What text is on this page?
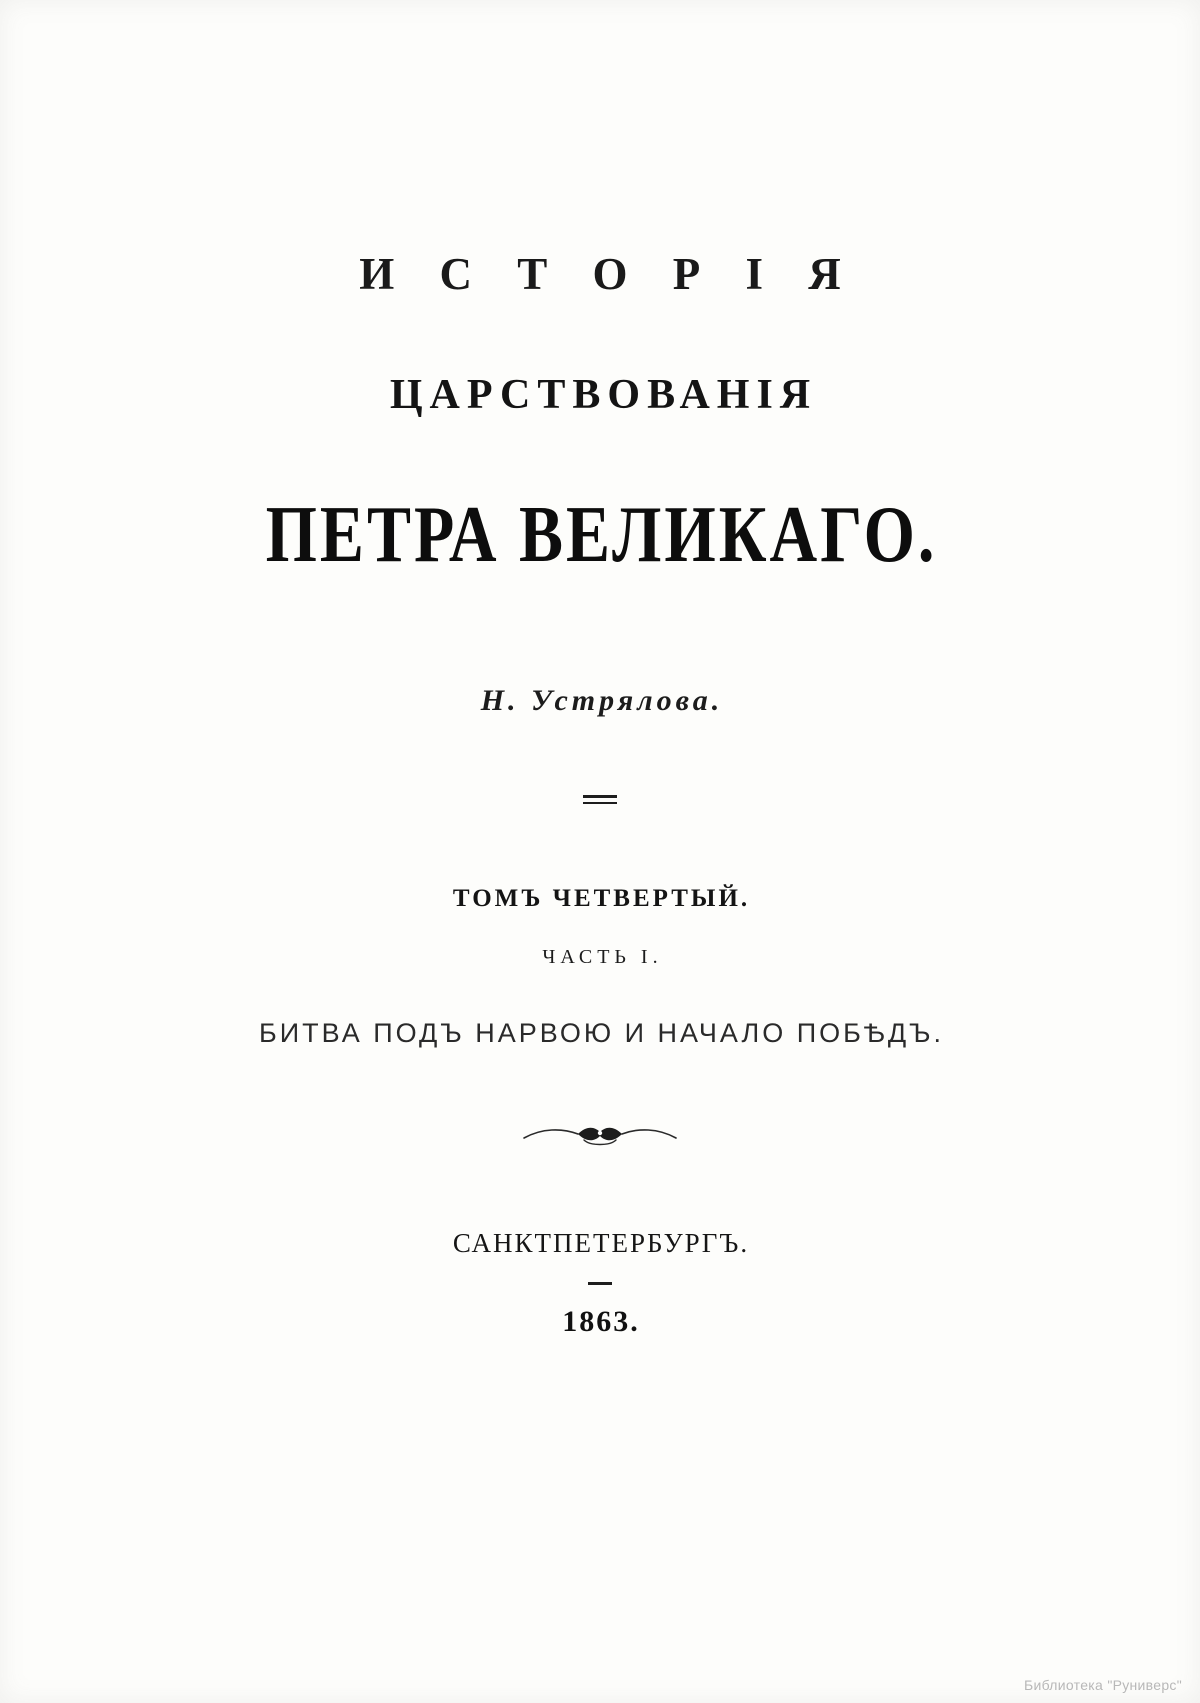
И С Т О Р І Я
ЦАРСТВОВАНІЯ
ПЕТРА ВЕЛИКАГО.
Н. Устрялова.
ТОМЪ ЧЕТВЕРТЫЙ.
ЧАСТЬ I.
БИТВА ПОДЪ НАРВОЮ И НАЧАЛО ПОБѢДЪ.
САНКТПЕТЕРБУРГЪ.
1863.
Библиотека "Руниверс"
